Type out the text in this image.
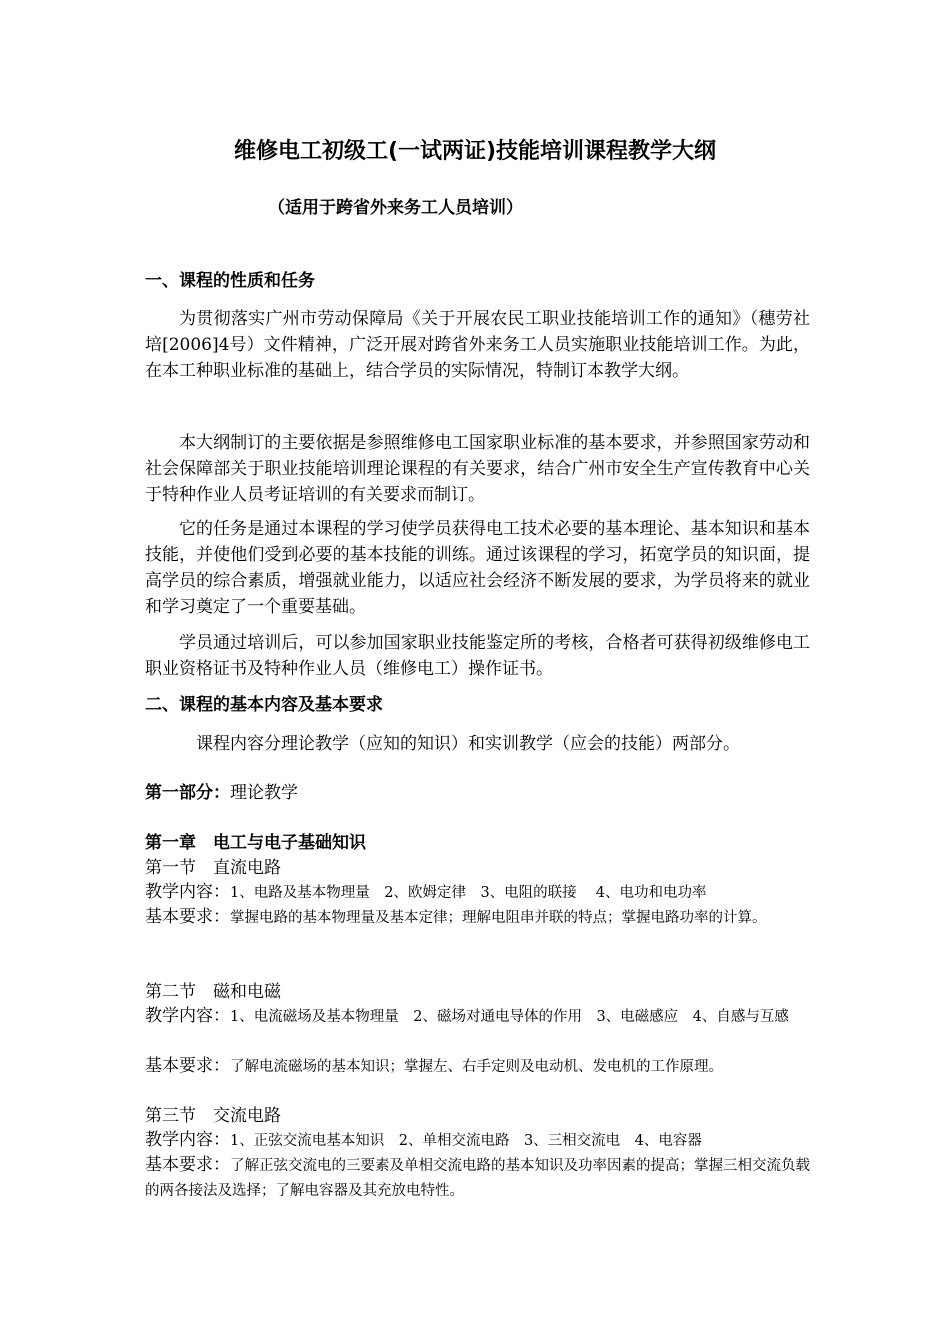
维修电工初级工(一试两证)技能培训课程教学大纲
（适用于跨省外来务工人员培训）
一、课程的性质和任务

为贯彻落实广州市劳动保障局《关于开展农民工职业技能培训工作的通知》（穗劳社培[2006]4号）文件精神，广泛开展对跨省外来务工人员实施职业技能培训工作。为此，在本工种职业标准的基础上，结合学员的实际情况，特制订本教学大纲。

本大纲制订的主要依据是参照维修电工国家职业标准的基本要求，并参照国家劳动和社会保障部关于职业技能培训理论课程的有关要求，结合广州市安全生产宣传教育中心关于特种作业人员考证培训的有关要求而制订。

它的任务是通过本课程的学习使学员获得电工技术必要的基本理论、基本知识和基本技能，并使他们受到必要的基本技能的训练。通过该课程的学习，拓宽学员的知识面，提高学员的综合素质，增强就业能力，以适应社会经济不断发展的要求，为学员将来的就业和学习奠定了一个重要基础。

学员通过培训后，可以参加国家职业技能鉴定所的考核，合格者可获得初级维修电工职业资格证书及特种作业人员（维修电工）操作证书。

二、课程的基本内容及基本要求

课程内容分理论教学（应知的知识）和实训教学（应会的技能）两部分。

第一部分：理论教学
第一章　电工与电子基础知识
第一节　直流电路
教学内容：1、电路及基本物理量　2、欧姆定律　3、电阻的联接　 4、电功和电功率
基本要求：掌握电路的基本物理量及基本定律；理解电阻串并联的特点；掌握电路功率的计算。
第二节　磁和电磁
教学内容：1、电流磁场及基本物理量　2、磁场对通电导体的作用　3、电磁感应　4、自感与互感
基本要求：了解电流磁场的基本知识；掌握左、右手定则及电动机、发电机的工作原理。
第三节　交流电路
教学内容：1、正弦交流电基本知识　2、单相交流电路　3、三相交流电　4、电容器
基本要求：了解正弦交流电的三要素及单相交流电路的基本知识及功率因素的提高；掌握三相交流负载的两各接法及选择；了解电容器及其充放电特性。
